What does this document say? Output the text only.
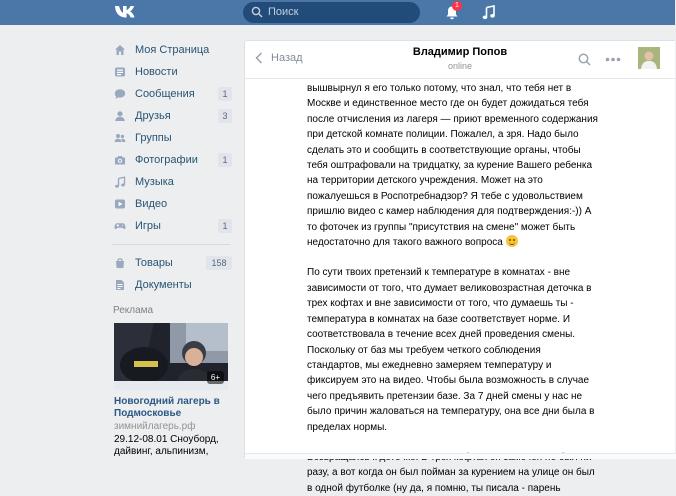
Поиск
1
Моя Страница
Новости
Сообщения	1
Друзья	3
Группы
Фотографии	1
Музыка
Видео
Игры	1
Товары	158
Документы
Реклама
6+
Новогодний лагерь в Подмосковье
зимнийлагерь.рф
29.12-08.01 Сноуборд, дайвинг, альпинизм,
Назад	Владимир Попов
online

вышвырнул я его только потому, что знал, что тебя нет в
Москве и единственное место где он будет дожидаться тебя
после отчисления из лагеря — приют временного содержания
при детской комнате полиции. Пожалел, а зря. Надо было
сделать это и сообщить в соответствующие органы, чтобы
тебя оштрафовали на тридцатку, за курение Вашего ребенка
на территории детского учреждения. Может на это
пожалуешься в Роспотребнадзор? Я тебе с удовольствием
пришлю видео с камер наблюдения для подтверждения:-)) А
то фоточек из группы "присутствия на смене" может быть
недостаточно для такого важного вопроса

По сути твоих претензий к температуре в комнатах - вне
зависимости от того, что думает великовозрастная деточка в
трех кофтах и вне зависимости от того, что думаешь ты -
температура в комнатах на базе соответствует норме. И
соответствовала в течение всех дней проведения смены.
Поскольку от баз мы требуем четкого соблюдения
стандартов, мы ежедневно замеряем температуру и
фиксируем это на видео. Чтобы была возможность в случае
чего предъявить претензии базе. За 7 дней смены у нас не
было причин жаловаться на температуру, она все дни была в
пределах нормы.

разу, а вот когда он был пойман за курением на улице он был
в одной футболке (ну да, я помню, ты писала - парень
